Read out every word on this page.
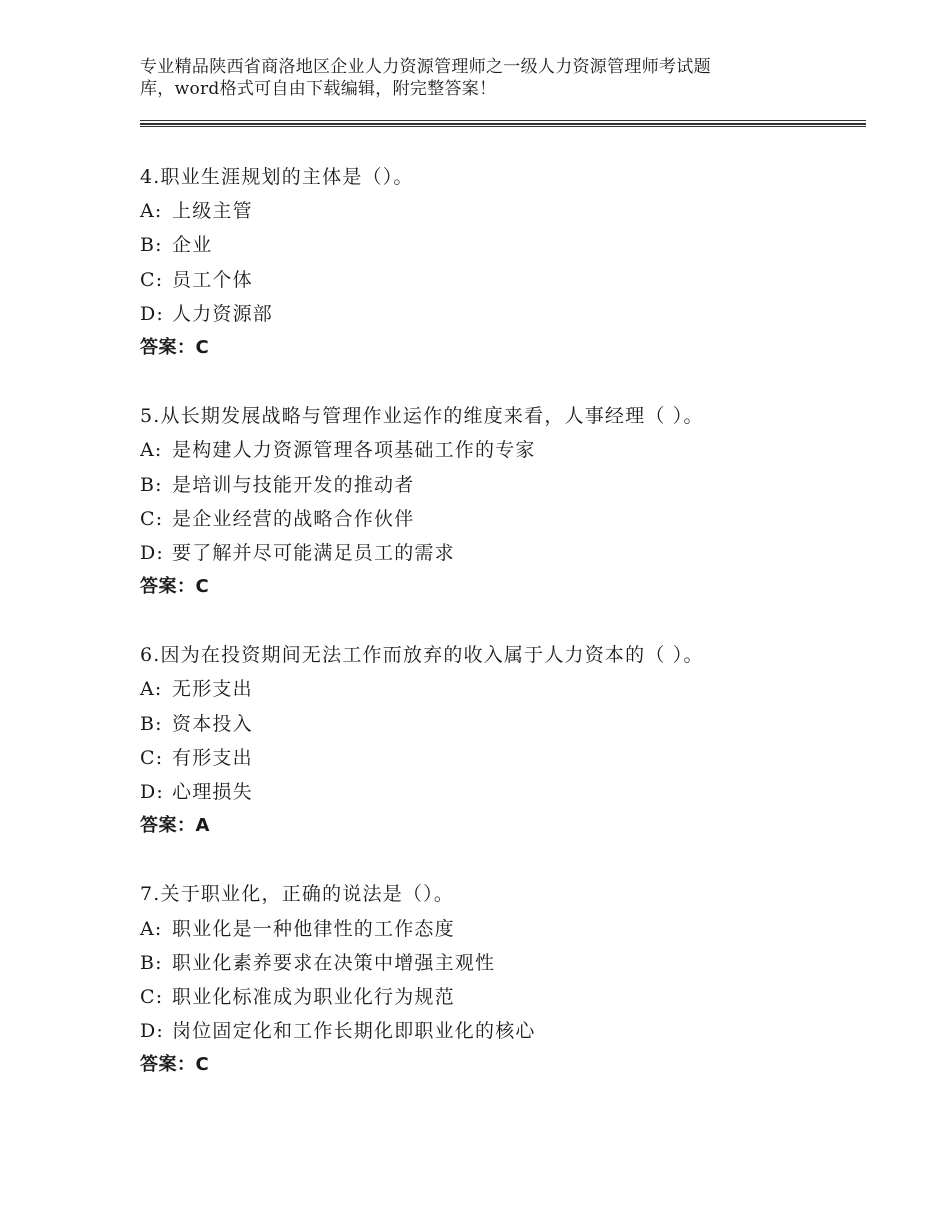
专业精品陕西省商洛地区企业人力资源管理师之一级人力资源管理师考试题
库，word格式可自由下载编辑，附完整答案！
4.职业生涯规划的主体是（）。
A: 上级主管
B: 企业
C: 员工个体
D: 人力资源部
答案：C
5.从长期发展战略与管理作业运作的维度来看，人事经理（ ）。
A: 是构建人力资源管理各项基础工作的专家
B: 是培训与技能开发的推动者
C: 是企业经营的战略合作伙伴
D: 要了解并尽可能满足员工的需求
答案：C
6.因为在投资期间无法工作而放弃的收入属于人力资本的（ ）。
A: 无形支出
B: 资本投入
C: 有形支出
D: 心理损失
答案：A
7.关于职业化，正确的说法是（）。
A: 职业化是一种他律性的工作态度
B: 职业化素养要求在决策中增强主观性
C: 职业化标准成为职业化行为规范
D: 岗位固定化和工作长期化即职业化的核心
答案：C
